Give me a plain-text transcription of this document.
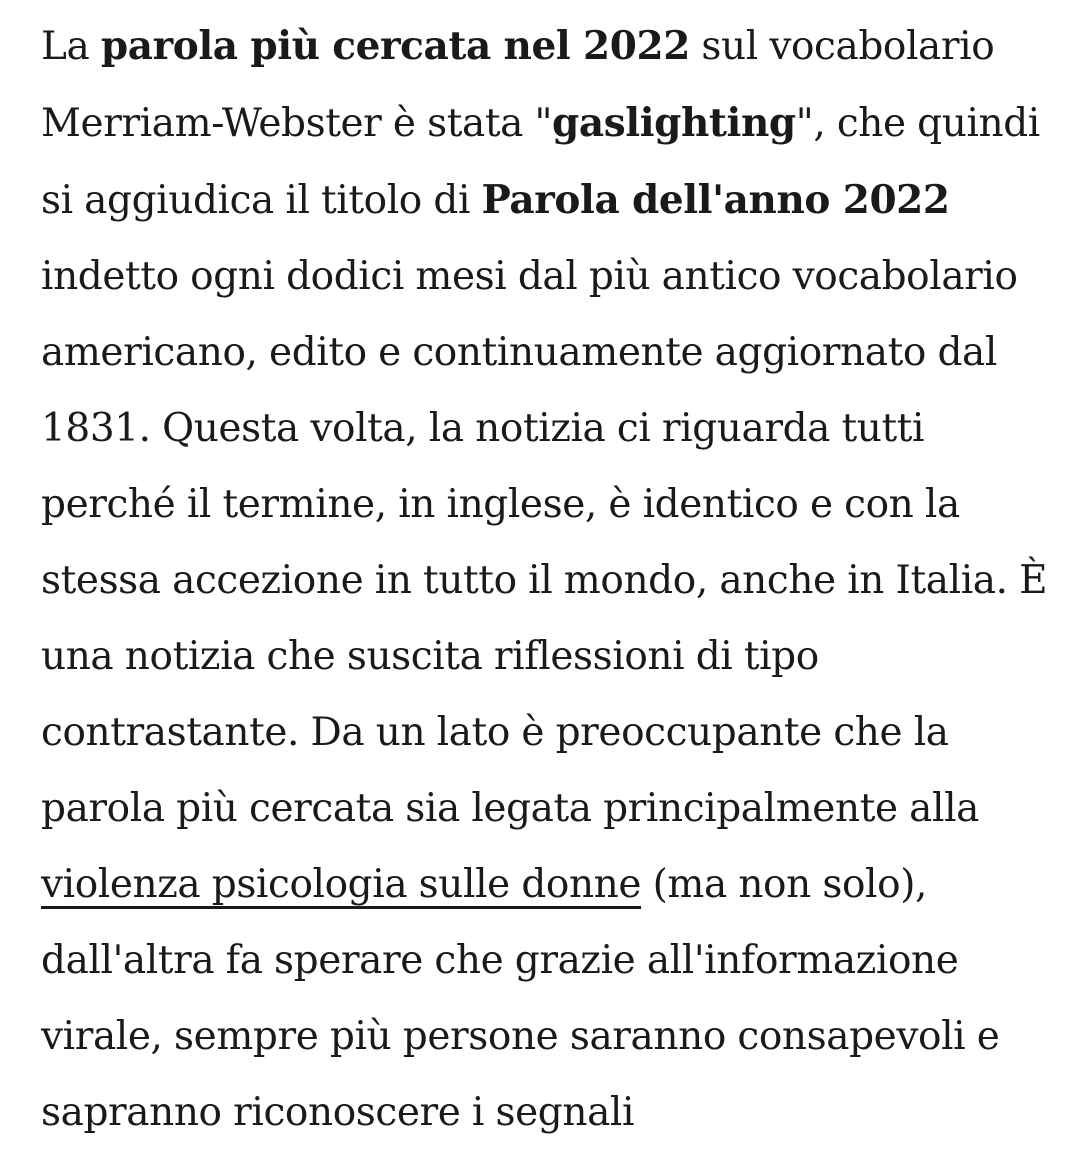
La parola più cercata nel 2022 sul vocabolario Merriam-Webster è stata "gaslighting", che quindi si aggiudica il titolo di Parola dell'anno 2022 indetto ogni dodici mesi dal più antico vocabolario americano, edito e continuamente aggiornato dal 1831. Questa volta, la notizia ci riguarda tutti perché il termine, in inglese, è identico e con la stessa accezione in tutto il mondo, anche in Italia. È una notizia che suscita riflessioni di tipo contrastante. Da un lato è preoccupante che la parola più cercata sia legata principalmente alla violenza psicologia sulle donne (ma non solo), dall'altra fa sperare che grazie all'informazione virale, sempre più persone saranno consapevoli e sapranno riconoscere i segnali
